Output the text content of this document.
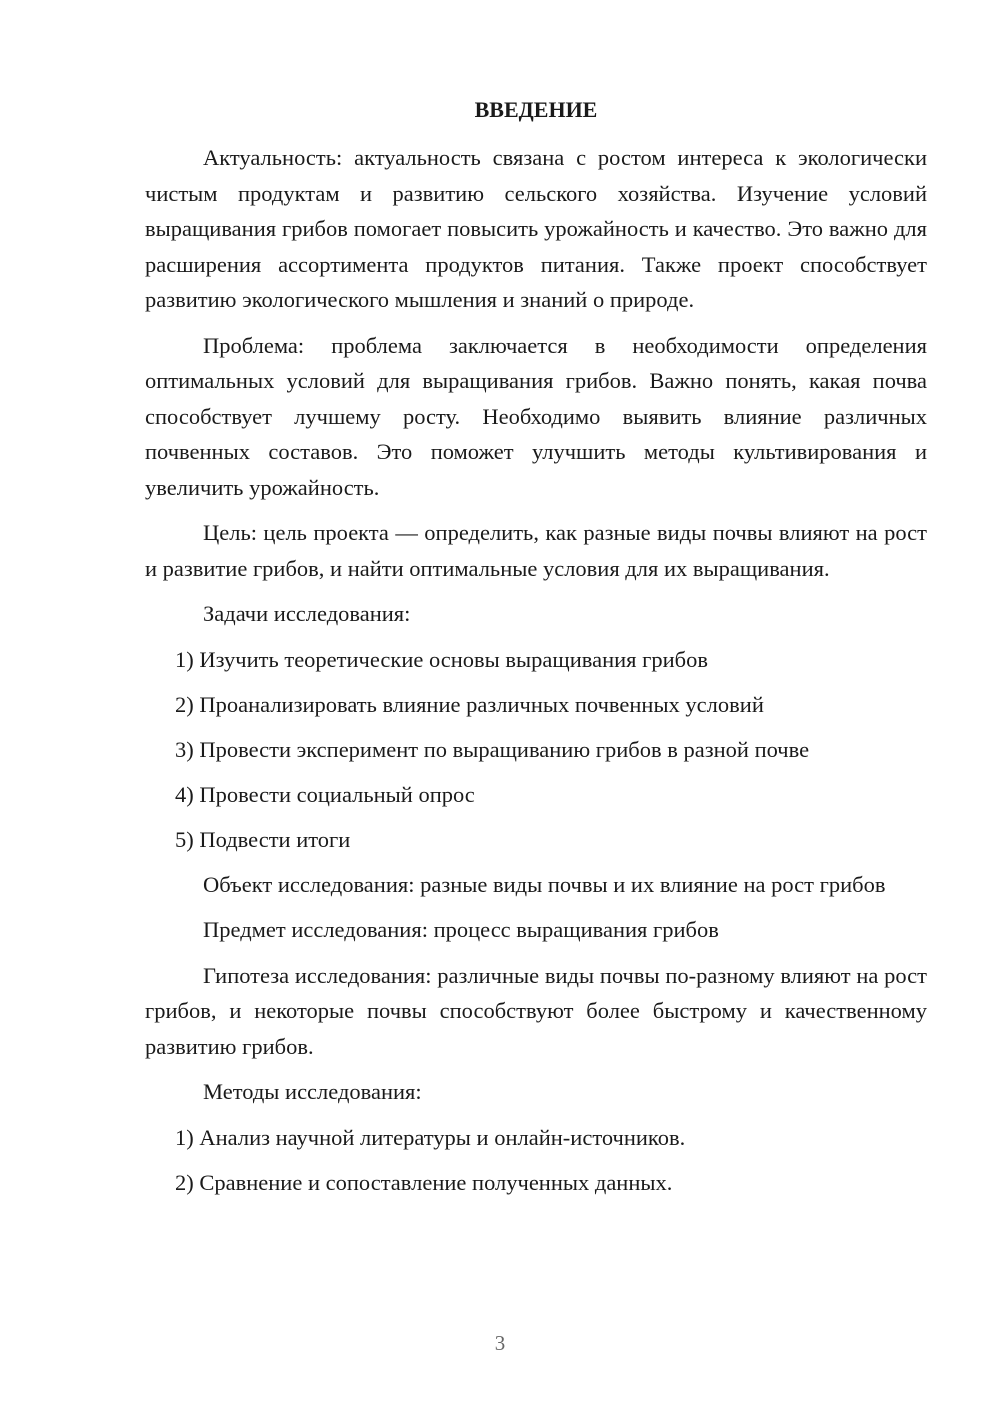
ВВЕДЕНИЕ

Актуальность: актуальность связана с ростом интереса к экологически чистым продуктам и развитию сельского хозяйства. Изучение условий выращивания грибов помогает повысить урожайность и качество. Это важно для расширения ассортимента продуктов питания. Также проект способствует развитию экологического мышления и знаний о природе.

Проблема: проблема заключается в необходимости определения оптимальных условий для выращивания грибов. Важно понять, какая почва способствует лучшему росту. Необходимо выявить влияние различных почвенных составов. Это поможет улучшить методы культивирования и увеличить урожайность.

Цель: цель проекта — определить, как разные виды почвы влияют на рост и развитие грибов, и найти оптимальные условия для их выращивания.

Задачи исследования:
1) Изучить теоретические основы выращивания грибов
2) Проанализировать влияние различных почвенных условий
3) Провести эксперимент по выращиванию грибов в разной почве
4) Провести социальный опрос
5) Подвести итоги

Объект исследования: разные виды почвы и их влияние на рост грибов

Предмет исследования: процесс выращивания грибов

Гипотеза исследования: различные виды почвы по-разному влияют на рост грибов, и некоторые почвы способствуют более быстрому и качественному развитию грибов.

Методы исследования:
1) Анализ научной литературы и онлайн-источников.
2) Сравнение и сопоставление полученных данных.
3
